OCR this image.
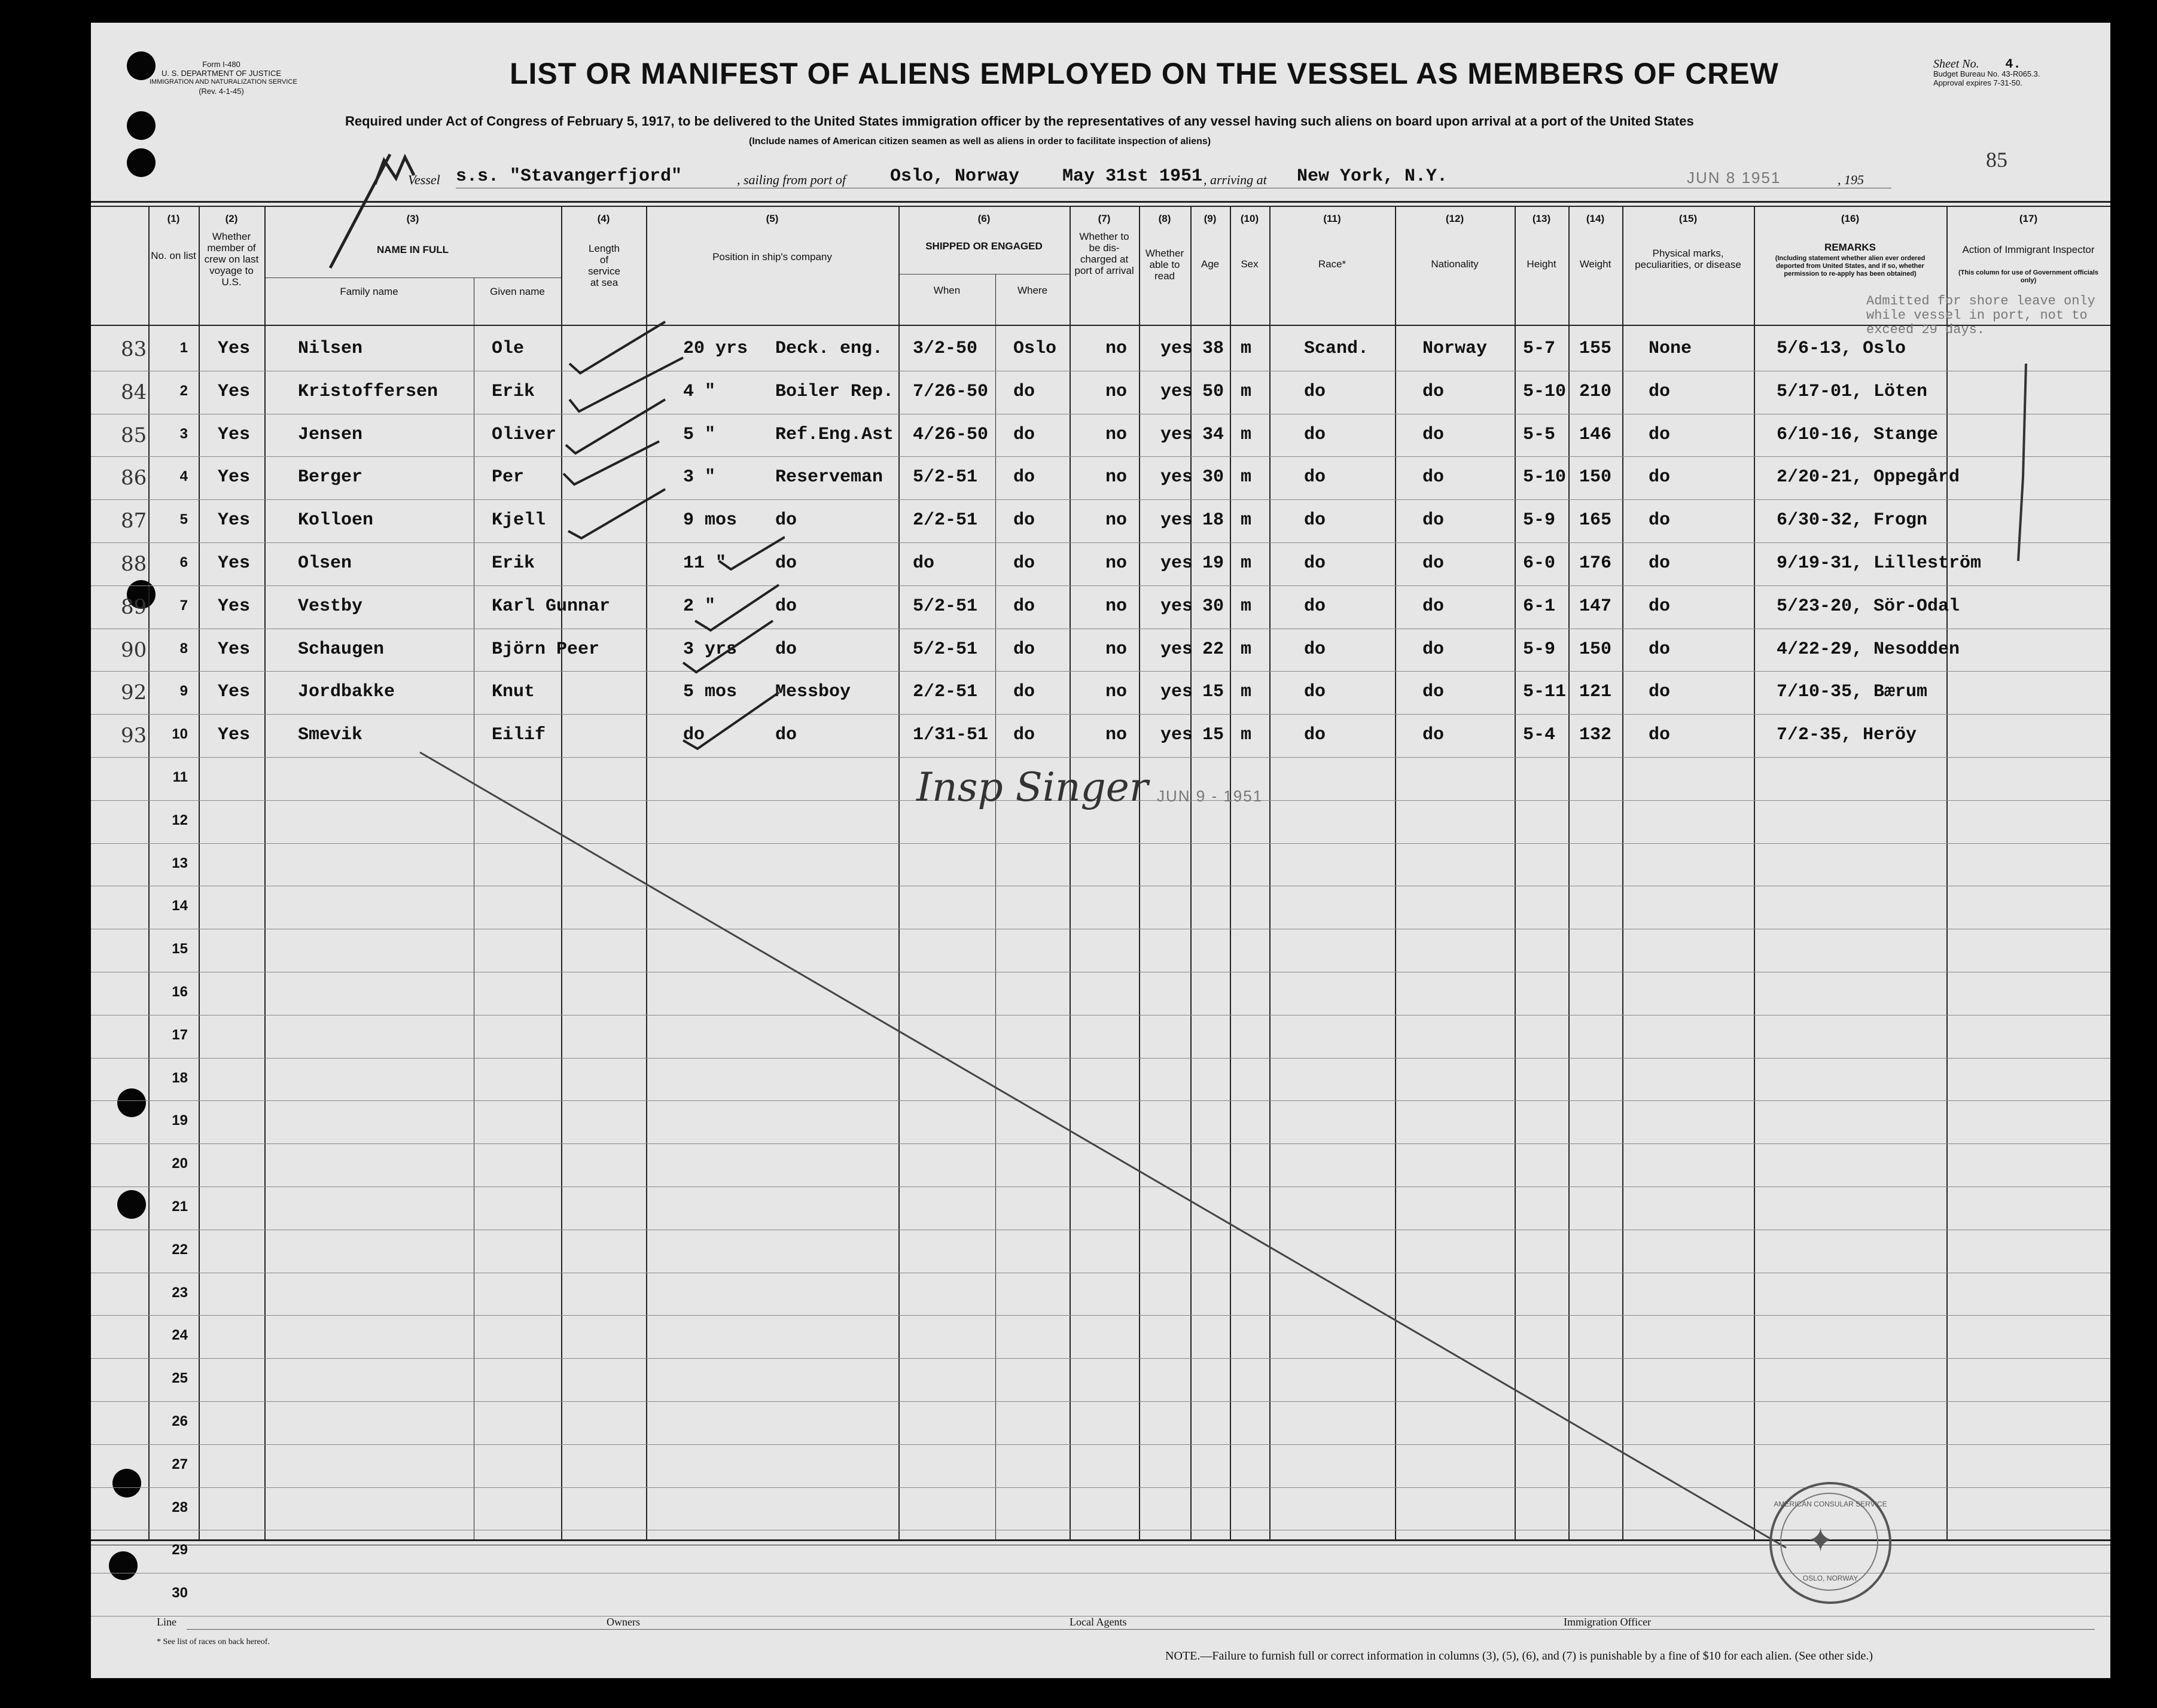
Form I-480
U. S. DEPARTMENT OF JUSTICE
IMMIGRATION AND NATURALIZATION SERVICE
(Rev. 4-1-45)
LIST OR MANIFEST OF ALIENS EMPLOYED ON THE VESSEL AS MEMBERS OF CREW	Sheet No. 4.
Budget Bureau No. 43-R065.3.
Approval expires 7-31-50.
Required under Act of Congress of February 5, 1917, to be delivered to the United States immigration officer by the representatives of any vessel having such aliens on board upon arrival at a port of the United States
(Include names of American citizen seamen as well as aliens in order to facilitate inspection of aliens)
85
Vessel s.s. "Stavangerfjord"	, sailing from port of Oslo, Norway May 31st 1951 , arriving at New York, N.Y.	JUN 8 1951	, 195
(1)
No. on list
(2)
Whether member of crew on last voyage to U.S.
(3)
NAME IN FULL
Family name	Given name
(4)
Length of service at sea
(5)
Position in ship's company
(6)
SHIPPED OR ENGAGED
When	Where
(7)
Whether to be dis-charged at port of arrival
(8)
Whether able to read
(9)
Age
(10)
Sex
(11)
Race*
(12)
Nationality
(13)
Height
(14)
Weight
(15)
Physical marks, peculiarities, or disease
(16)
REMARKS
(Including statement whether alien ever ordered deported from United States, and if so, whether permission to re-apply has been obtained)
(17)
Action of Immigrant Inspector
(This column for use of Government officials only)
Admitted for shore leave only while vessel in port, not to exceed 29 days.
83	1 Yes	Nilsen	Ole	20 yrs Deck. eng. 3/2-50 Oslo	no yes 38 m	Scand.	Norway 5-7 155 None	5/6-13, Oslo
84	2 Yes	Kristoffersen	Erik	4 "	Boiler Rep. 7/26-50 do	no yes 50 m	do	do	5-10 210 do	5/17-01, Löten
85	3 Yes	Jensen	Oliver	5 "	Ref.Eng.Ast 4/26-50 do	no yes 34 m	do	do	5-5 146 do	6/10-16, Stange
86	4 Yes	Berger	Per	3 "	Reserveman 5/2-51 do	no yes 30 m	do	do	5-10 150 do	2/20-21, Oppegård
87	5 Yes	Kolloen	Kjell	9 mos do	2/2-51 do	no yes 18 m	do	do	5-9 165 do	6/30-32, Frogn
88	6 Yes	Olsen	Erik	11 "	do	do	do	no yes 19 m	do	do	6-0 176 do	9/19-31, Lilleström
89	7 Yes	Vestby	Karl Gunnar	2 "	do	5/2-51 do	no yes 30 m	do	do	6-1 147 do	5/23-20, Sör-Odal
90	8 Yes	Schaugen	Björn Peer	3 yrs do	5/2-51 do	no yes 22 m	do	do	5-9 150 do	4/22-29, Nesodden
92	9 Yes	Jordbakke	Knut	5 mos Messboy	2/2-51 do	no yes 15 m	do	do	5-11 121 do	7/10-35, Bærum
93 10 Yes	Smevik	Eilif	do	do	1/31-51 do	no yes 15 m	do	do	5-4 132 do	7/2-35, Heröy
11
12
13
14
15
16
17
18
19
20
21
22
23
24
25
26
27
28
29
30
Insp Singer JUN 9 - 1951
AMERICAN CONSULAR SERVICE
✦
OSLO, NORWAY
Line	Owners	Local Agents	Immigration Officer
* See list of races on back hereof.
NOTE.—Failure to furnish full or correct information in columns (3), (5), (6), and (7) is punishable by a fine of $10 for each alien. (See other side.)
